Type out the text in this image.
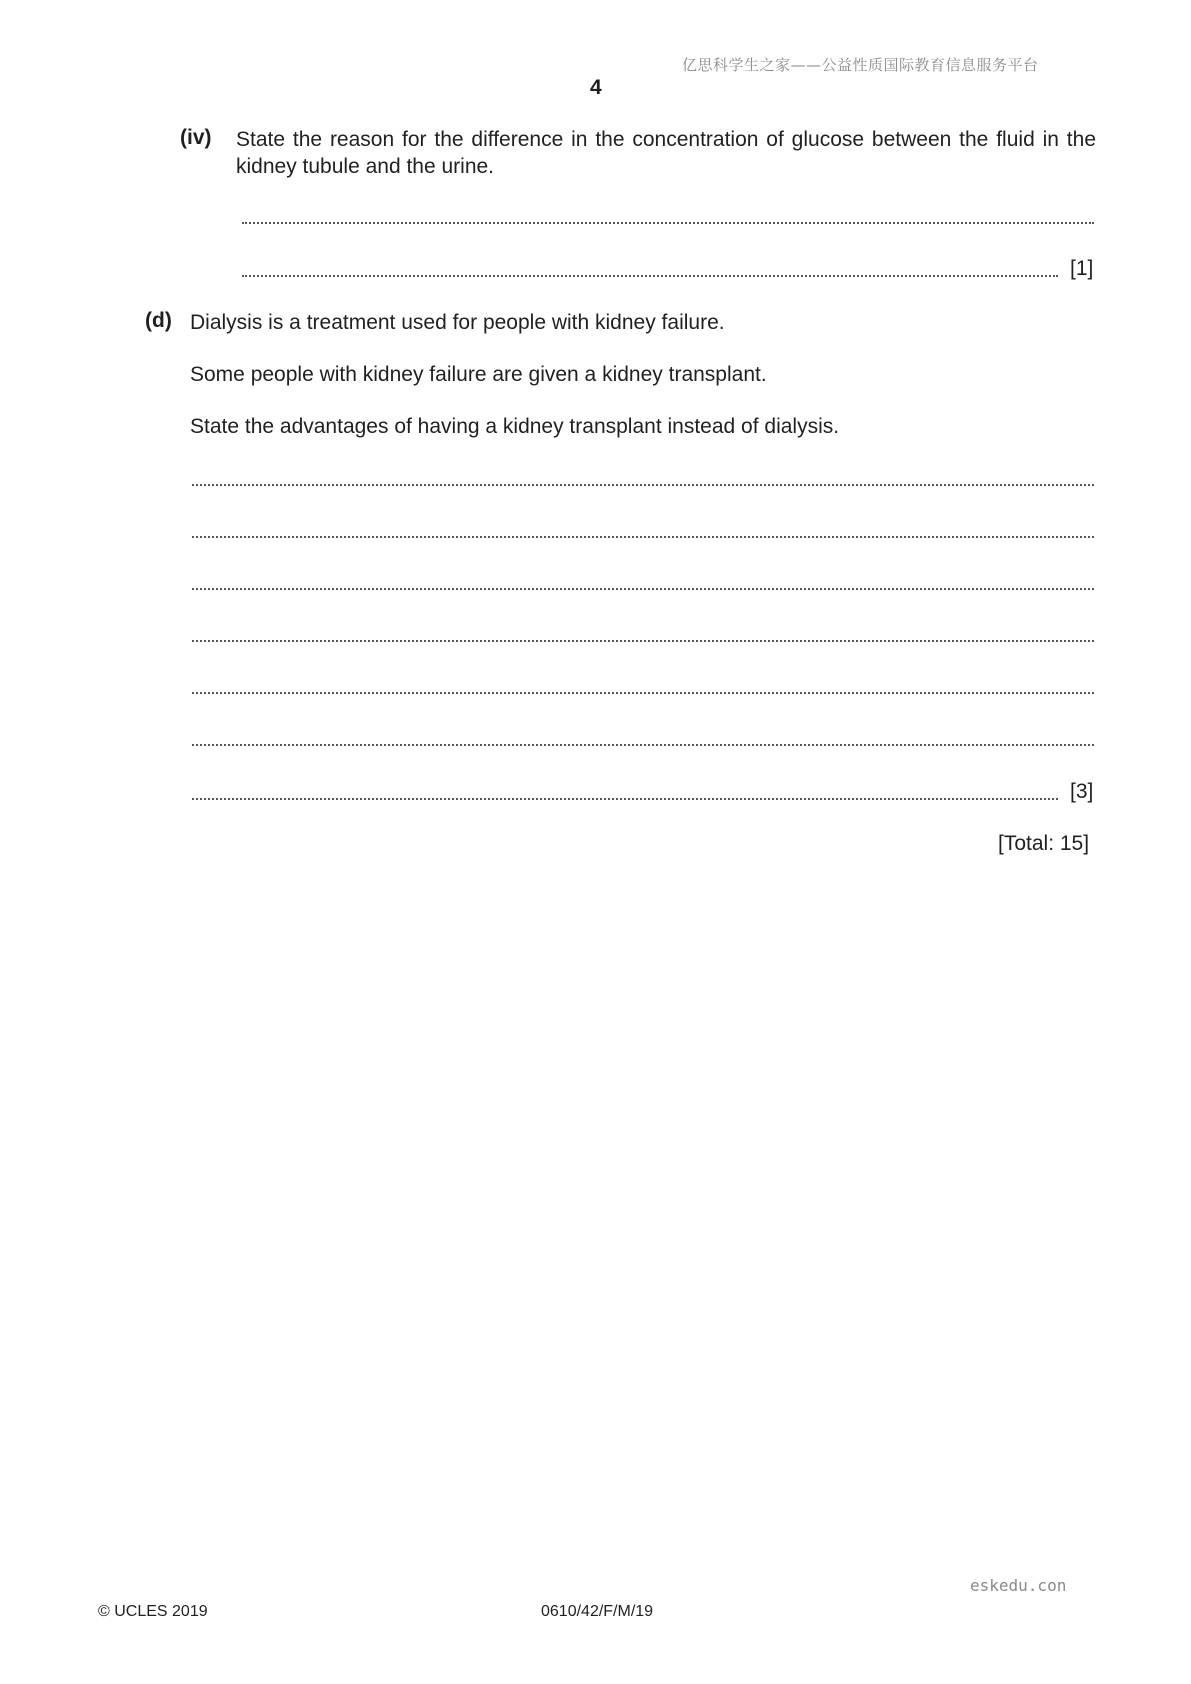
亿思科学生之家——公益性质国际教育信息服务平台
4
(iv) State the reason for the difference in the concentration of glucose between the fluid in the kidney tubule and the urine.
[1]
(d) Dialysis is a treatment used for people with kidney failure.
Some people with kidney failure are given a kidney transplant.
State the advantages of having a kidney transplant instead of dialysis.
[3]
[Total: 15]
eskedu.con
© UCLES 2019	0610/42/F/M/19
